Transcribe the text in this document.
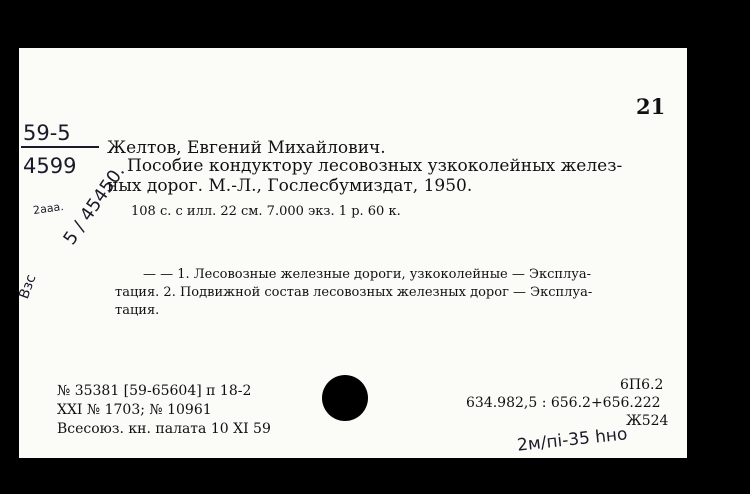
21
59-5
4599
Желтов, Евгений Михайлович.
Пособие кондуктору лесовозных узкоколейных желез-
ных дорог. М.-Л., Гослесбумиздат, 1950.
2ааа.	108 с. с илл. 22 см. 7.000 экз. 1 р. 60 к.
5 / 45450.
— — 1. Лесовозные железные дороги, узкоколейные — Эксплуа-
тация. 2. Подвижной состав лесовозных железных дорог — Эксплуа-
тация.
Взс
№ 35381 [59-65604] п 18-2
XXI № 1703; № 10961
Всесоюз. кн. палата 10 XI 59
6П6.2
634.982,5 : 656.2+656.222
Ж524
2м/пі-35 hно
